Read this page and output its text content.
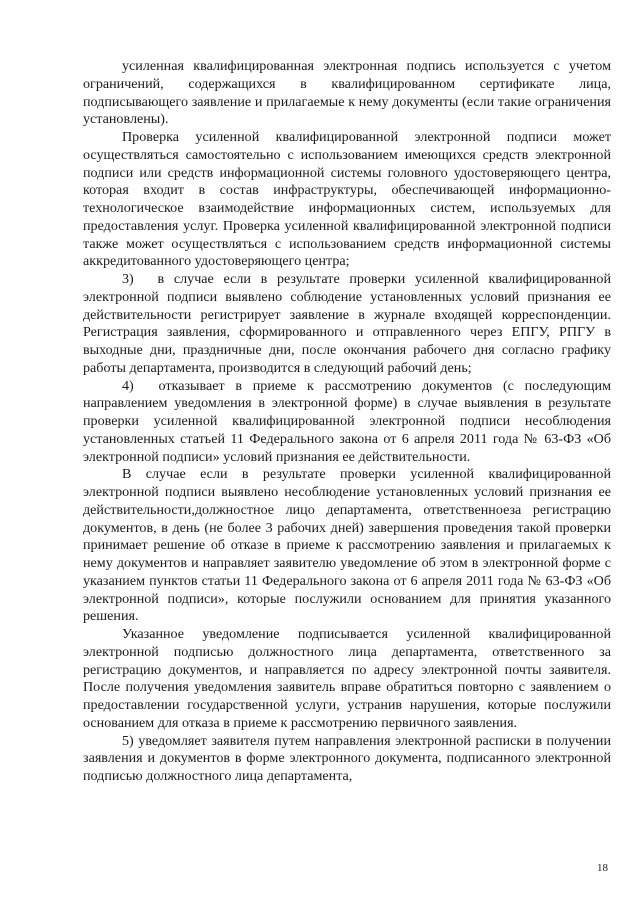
усиленная квалифицированная электронная подпись используется с учетом ограничений, содержащихся в квалифицированном сертификате лица, подписывающего заявление и прилагаемые к нему документы (если такие ограничения установлены).

Проверка усиленной квалифицированной электронной подписи может осуществляться самостоятельно с использованием имеющихся средств электронной подписи или средств информационной системы головного удостоверяющего центра, которая входит в состав инфраструктуры, обеспечивающей информационно-технологическое взаимодействие информационных систем, используемых для предоставления услуг. Проверка усиленной квалифицированной электронной подписи также может осуществляться с использованием средств информационной системы аккредитованного удостоверяющего центра;

3)  в случае если в результате проверки усиленной квалифицированной электронной подписи выявлено соблюдение установленных условий признания ее действительности регистрирует заявление в журнале входящей корреспонденции. Регистрация заявления, сформированного и отправленного через ЕПГУ, РПГУ в выходные дни, праздничные дни, после окончания рабочего дня согласно графику работы департамента, производится в следующий рабочий день;

4)  отказывает в приеме к рассмотрению документов (с последующим направлением уведомления в электронной форме) в случае выявления в результате проверки усиленной квалифицированной электронной подписи несоблюдения установленных статьей 11 Федерального закона от 6 апреля 2011 года № 63-ФЗ «Об электронной подписи» условий признания ее действительности.

В случае если в результате проверки усиленной квалифицированной электронной подписи выявлено несоблюдение установленных условий признания ее действительности,должностное лицо департамента, ответственноеза регистрацию документов, в день (не более 3 рабочих дней) завершения проведения такой проверки принимает решение об отказе в приеме к рассмотрению заявления и прилагаемых к нему документов и направляет заявителю уведомление об этом в электронной форме с указанием пунктов статьи 11 Федерального закона от 6 апреля 2011 года № 63-ФЗ «Об электронной подписи», которые послужили основанием для принятия указанного решения.

Указанное уведомление подписывается усиленной квалифицированной электронной подписью должностного лица департамента, ответственного за регистрацию документов, и направляется по адресу электронной почты заявителя. После получения уведомления заявитель вправе обратиться повторно с заявлением о предоставлении государственной услуги, устранив нарушения, которые послужили основанием для отказа в приеме к рассмотрению первичного заявления.

5) уведомляет заявителя путем направления электронной расписки в получении заявления и документов в форме электронного документа, подписанного электронной подписью должностного лица департамента,

18
